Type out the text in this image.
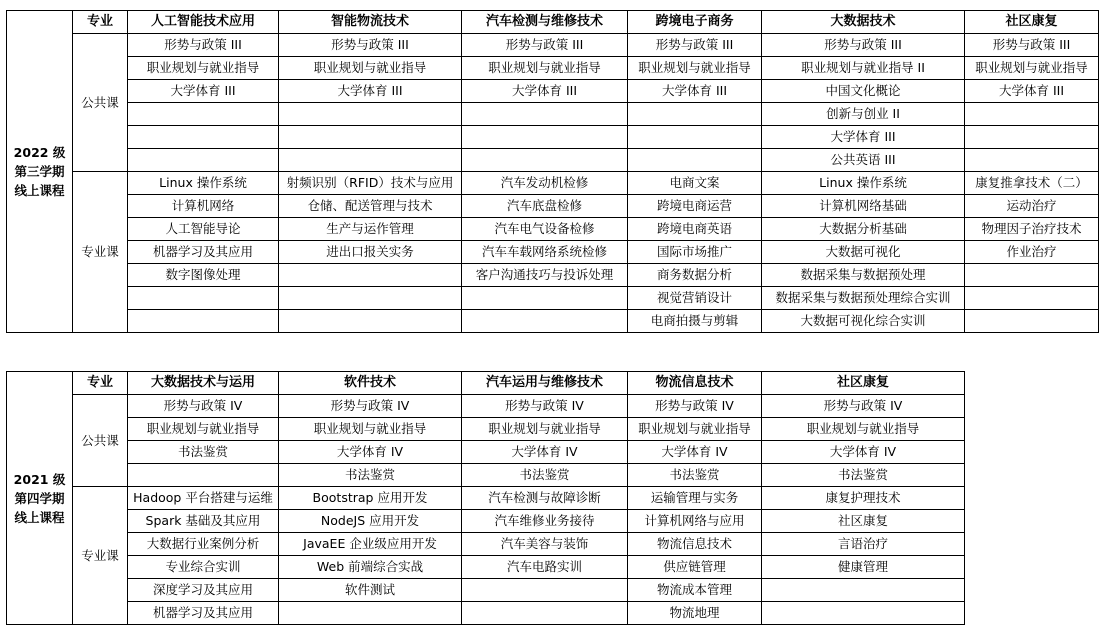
2022 级
第三学期
线上课程	专业	人工智能技术应用	智能物流技术	汽车检测与维修技术	跨境电子商务	大数据技术	社区康复
	公共课	形势与政策 III	形势与政策 III	形势与政策 III	形势与政策 III	形势与政策 III	形势与政策 III
		职业规划与就业指导	职业规划与就业指导	职业规划与就业指导	职业规划与就业指导	职业规划与就业指导 II	职业规划与就业指导
		大学体育 III	大学体育 III	大学体育 III	大学体育 III	中国文化概论	大学体育 III
						创新与创业 II	
						大学体育 III	
						公共英语 III	
	专业课	Linux 操作系统	射频识别（RFID）技术与应用	汽车发动机检修	电商文案	Linux 操作系统	康复推拿技术（二）
		计算机网络	仓储、配送管理与技术	汽车底盘检修	跨境电商运营	计算机网络基础	运动治疗
		人工智能导论	生产与运作管理	汽车电气设备检修	跨境电商英语	大数据分析基础	物理因子治疗技术
		机器学习及其应用	进出口报关实务	汽车车载网络系统检修	国际市场推广	大数据可视化	作业治疗
		数字图像处理		客户沟通技巧与投诉处理	商务数据分析	数据采集与数据预处理	
					视觉营销设计	数据采集与数据预处理综合实训	
					电商拍摄与剪辑	大数据可视化综合实训	
2021 级
第四学期
线上课程	专业	大数据技术与运用	软件技术	汽车运用与维修技术	物流信息技术	社区康复
	公共课	形势与政策 IV	形势与政策 IV	形势与政策 IV	形势与政策 IV	形势与政策 IV
		职业规划与就业指导	职业规划与就业指导	职业规划与就业指导	职业规划与就业指导	职业规划与就业指导
		书法鉴赏	大学体育 IV	大学体育 IV	大学体育 IV	大学体育 IV
			书法鉴赏	书法鉴赏	书法鉴赏	书法鉴赏
	专业课	Hadoop 平台搭建与运维	Bootstrap 应用开发	汽车检测与故障诊断	运输管理与实务	康复护理技术
		Spark 基础及其应用	NodeJS 应用开发	汽车维修业务接待	计算机网络与应用	社区康复
		大数据行业案例分析	JavaEE 企业级应用开发	汽车美容与装饰	物流信息技术	言语治疗
		专业综合实训	Web 前端综合实战	汽车电路实训	供应链管理	健康管理
		深度学习及其应用	软件测试		物流成本管理	
		机器学习及其应用			物流地理	
